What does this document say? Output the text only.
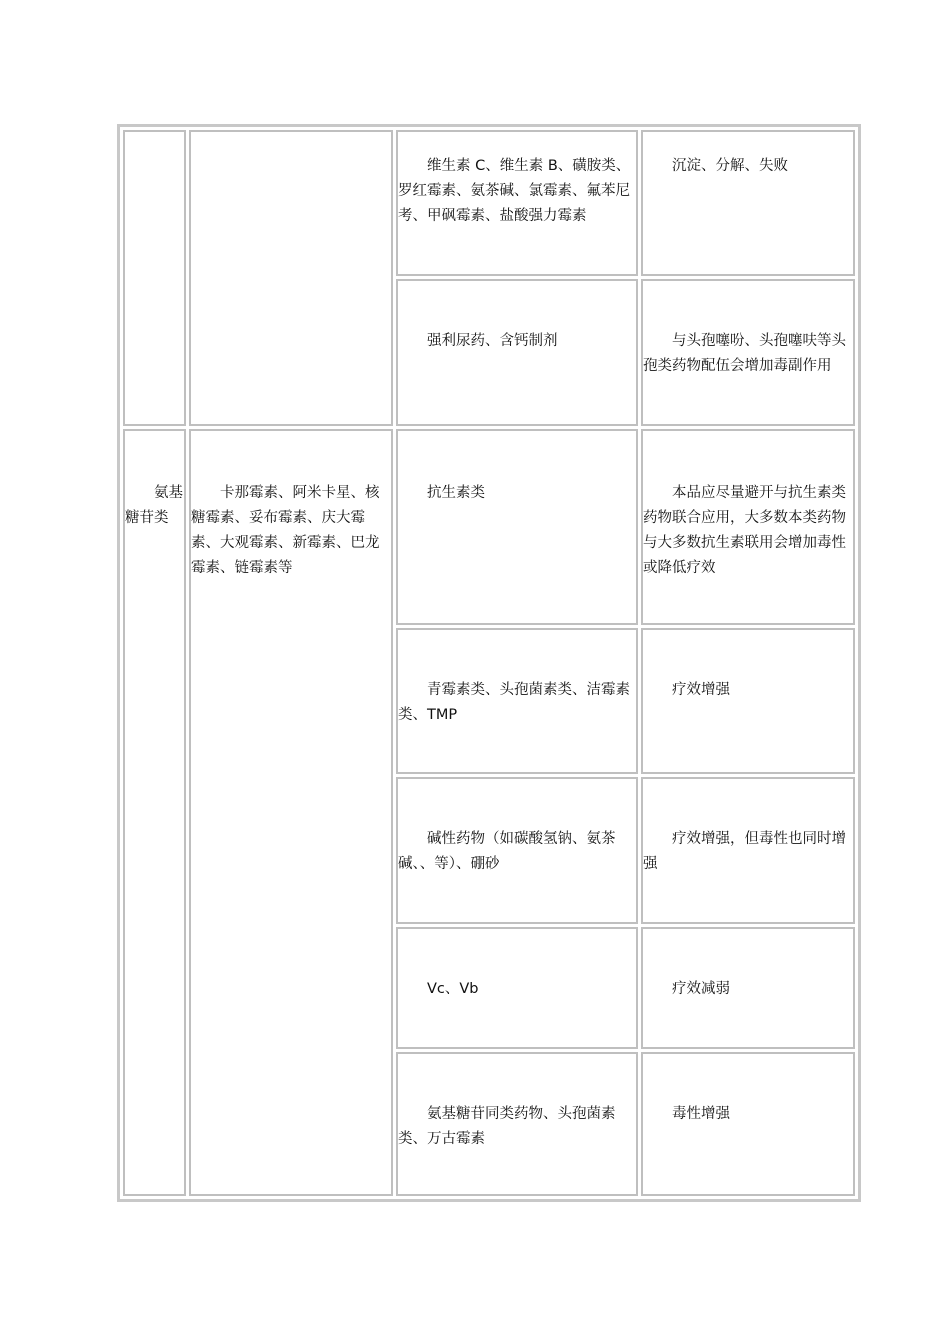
		维生素 C、维生素 B、磺胺类、罗红霉素、氨茶碱、氯霉素、氟苯尼考、甲砜霉素、盐酸强力霉素	沉淀、分解、失败
		强利尿药、含钙制剂	与头孢噻吩、头孢噻呋等头孢类药物配伍会增加毒副作用
氨基糖苷类	卡那霉素、阿米卡星、核糖霉素、妥布霉素、庆大霉素、大观霉素、新霉素、巴龙霉素、链霉素等	抗生素类	本品应尽量避开与抗生素类药物联合应用，大多数本类药物与大多数抗生素联用会增加毒性或降低疗效
		青霉素类、头孢菌素类、洁霉素类、TMP	疗效增强
		碱性药物（如碳酸氢钠、氨茶碱、、等）、硼砂	疗效增强，但毒性也同时增强
		Vc、Vb	疗效减弱
		氨基糖苷同类药物、头孢菌素类、万古霉素	毒性增强
